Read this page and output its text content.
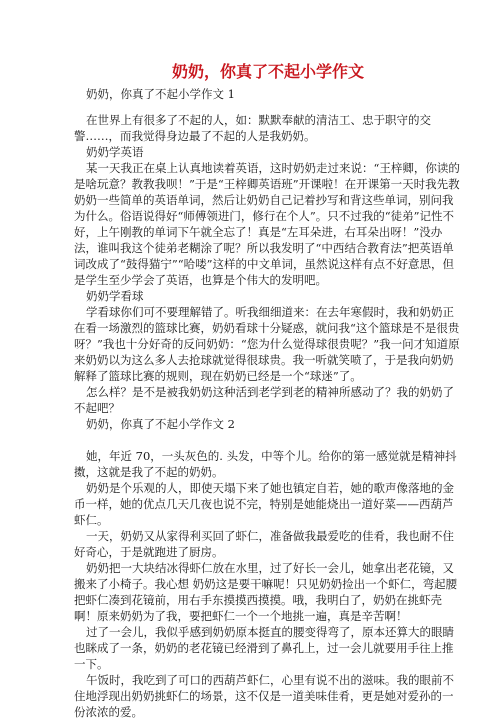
奶奶，你真了不起小学作文

奶奶，你真了不起小学作文 1

在世界上有很多了不起的人，如：默默奉献的清洁工、忠于职守的交警……，而我觉得身边最了不起的人是我奶奶。

奶奶学英语

某一天我正在桌上认真地读着英语，这时奶奶走过来说：“王梓卿，你读的是啥玩意？教教我呗！”于是“王梓卿英语班”开课啦！在开课第一天时我先教奶奶一些简单的英语单词，然后让奶奶自己记着抄写和背这些单词，别问我为什么。俗语说得好“师傅领进门，修行在个人”。只不过我的“徒弟”记性不好，上午刚教的单词下午就全忘了！真是“左耳朵进，右耳朵出呀！”没办法，谁叫我这个徒弟老糊涂了呢？所以我发明了“中西结合教育法”把英语单词改成了“鼓得猫宁”“哈喽”这样的中文单词，虽然说这样有点不好意思，但是学生至少学会了英语，也算是个伟大的发明吧。

奶奶学看球

学看球你们可不要理解错了。听我细细道来：在去年寒假时，我和奶奶正在看一场激烈的篮球比赛，奶奶看球十分疑惑，就问我“这个篮球是不是很贵呀？”我也十分好奇的反问奶奶：“您为什么觉得球很贵呢？”我一问才知道原来奶奶以为这么多人去抢球就觉得很球贵。我一听就笑喷了，于是我向奶奶解释了篮球比赛的规则，现在奶奶已经是一个“球迷”了。

怎么样？是不是被我奶奶这种活到老学到老的精神所感动了？我的奶奶了不起吧？

奶奶，你真了不起小学作文 2

她，年近 70，一头灰色的. 头发，中等个儿。给你的第一感觉就是精神抖擞，这就是我了不起的奶奶。

奶奶是个乐观的人，即使天塌下来了她也镇定自若，她的歌声像落地的金币一样，她的优点几天几夜也说不完，特别是她能烧出一道好菜——西葫芦虾仁。

一天，奶奶又从家得利买回了虾仁，准备做我最爱吃的佳肴，我也耐不住好奇心，于是就跑进了厨房。

奶奶把一大块结冰得虾仁放在水里，过了好长一会儿，她拿出老花镜，又搬来了小椅子。我心想 奶奶这是要干嘛呢！只见奶奶捡出一个虾仁，弯起腰把虾仁凑到花镜前，用右手东摸摸西摸摸。哦，我明白了，奶奶在挑虾壳啊！原来奶奶为了我，要把虾仁一个一个地挑一遍，真是辛苦啊！

过了一会儿，我似乎感到奶奶原本挺直的腰变得弯了，原本还算大的眼睛也眯成了一条，奶奶的老花镜已经滑到了鼻孔上，过一会儿就要用手往上推一下。

午饭时，我吃到了可口的西葫芦虾仁，心里有说不出的滋味。我的眼前不住地浮现出奶奶挑虾仁的场景，这不仅是一道美味佳肴，更是她对爱孙的一份浓浓的爱。
